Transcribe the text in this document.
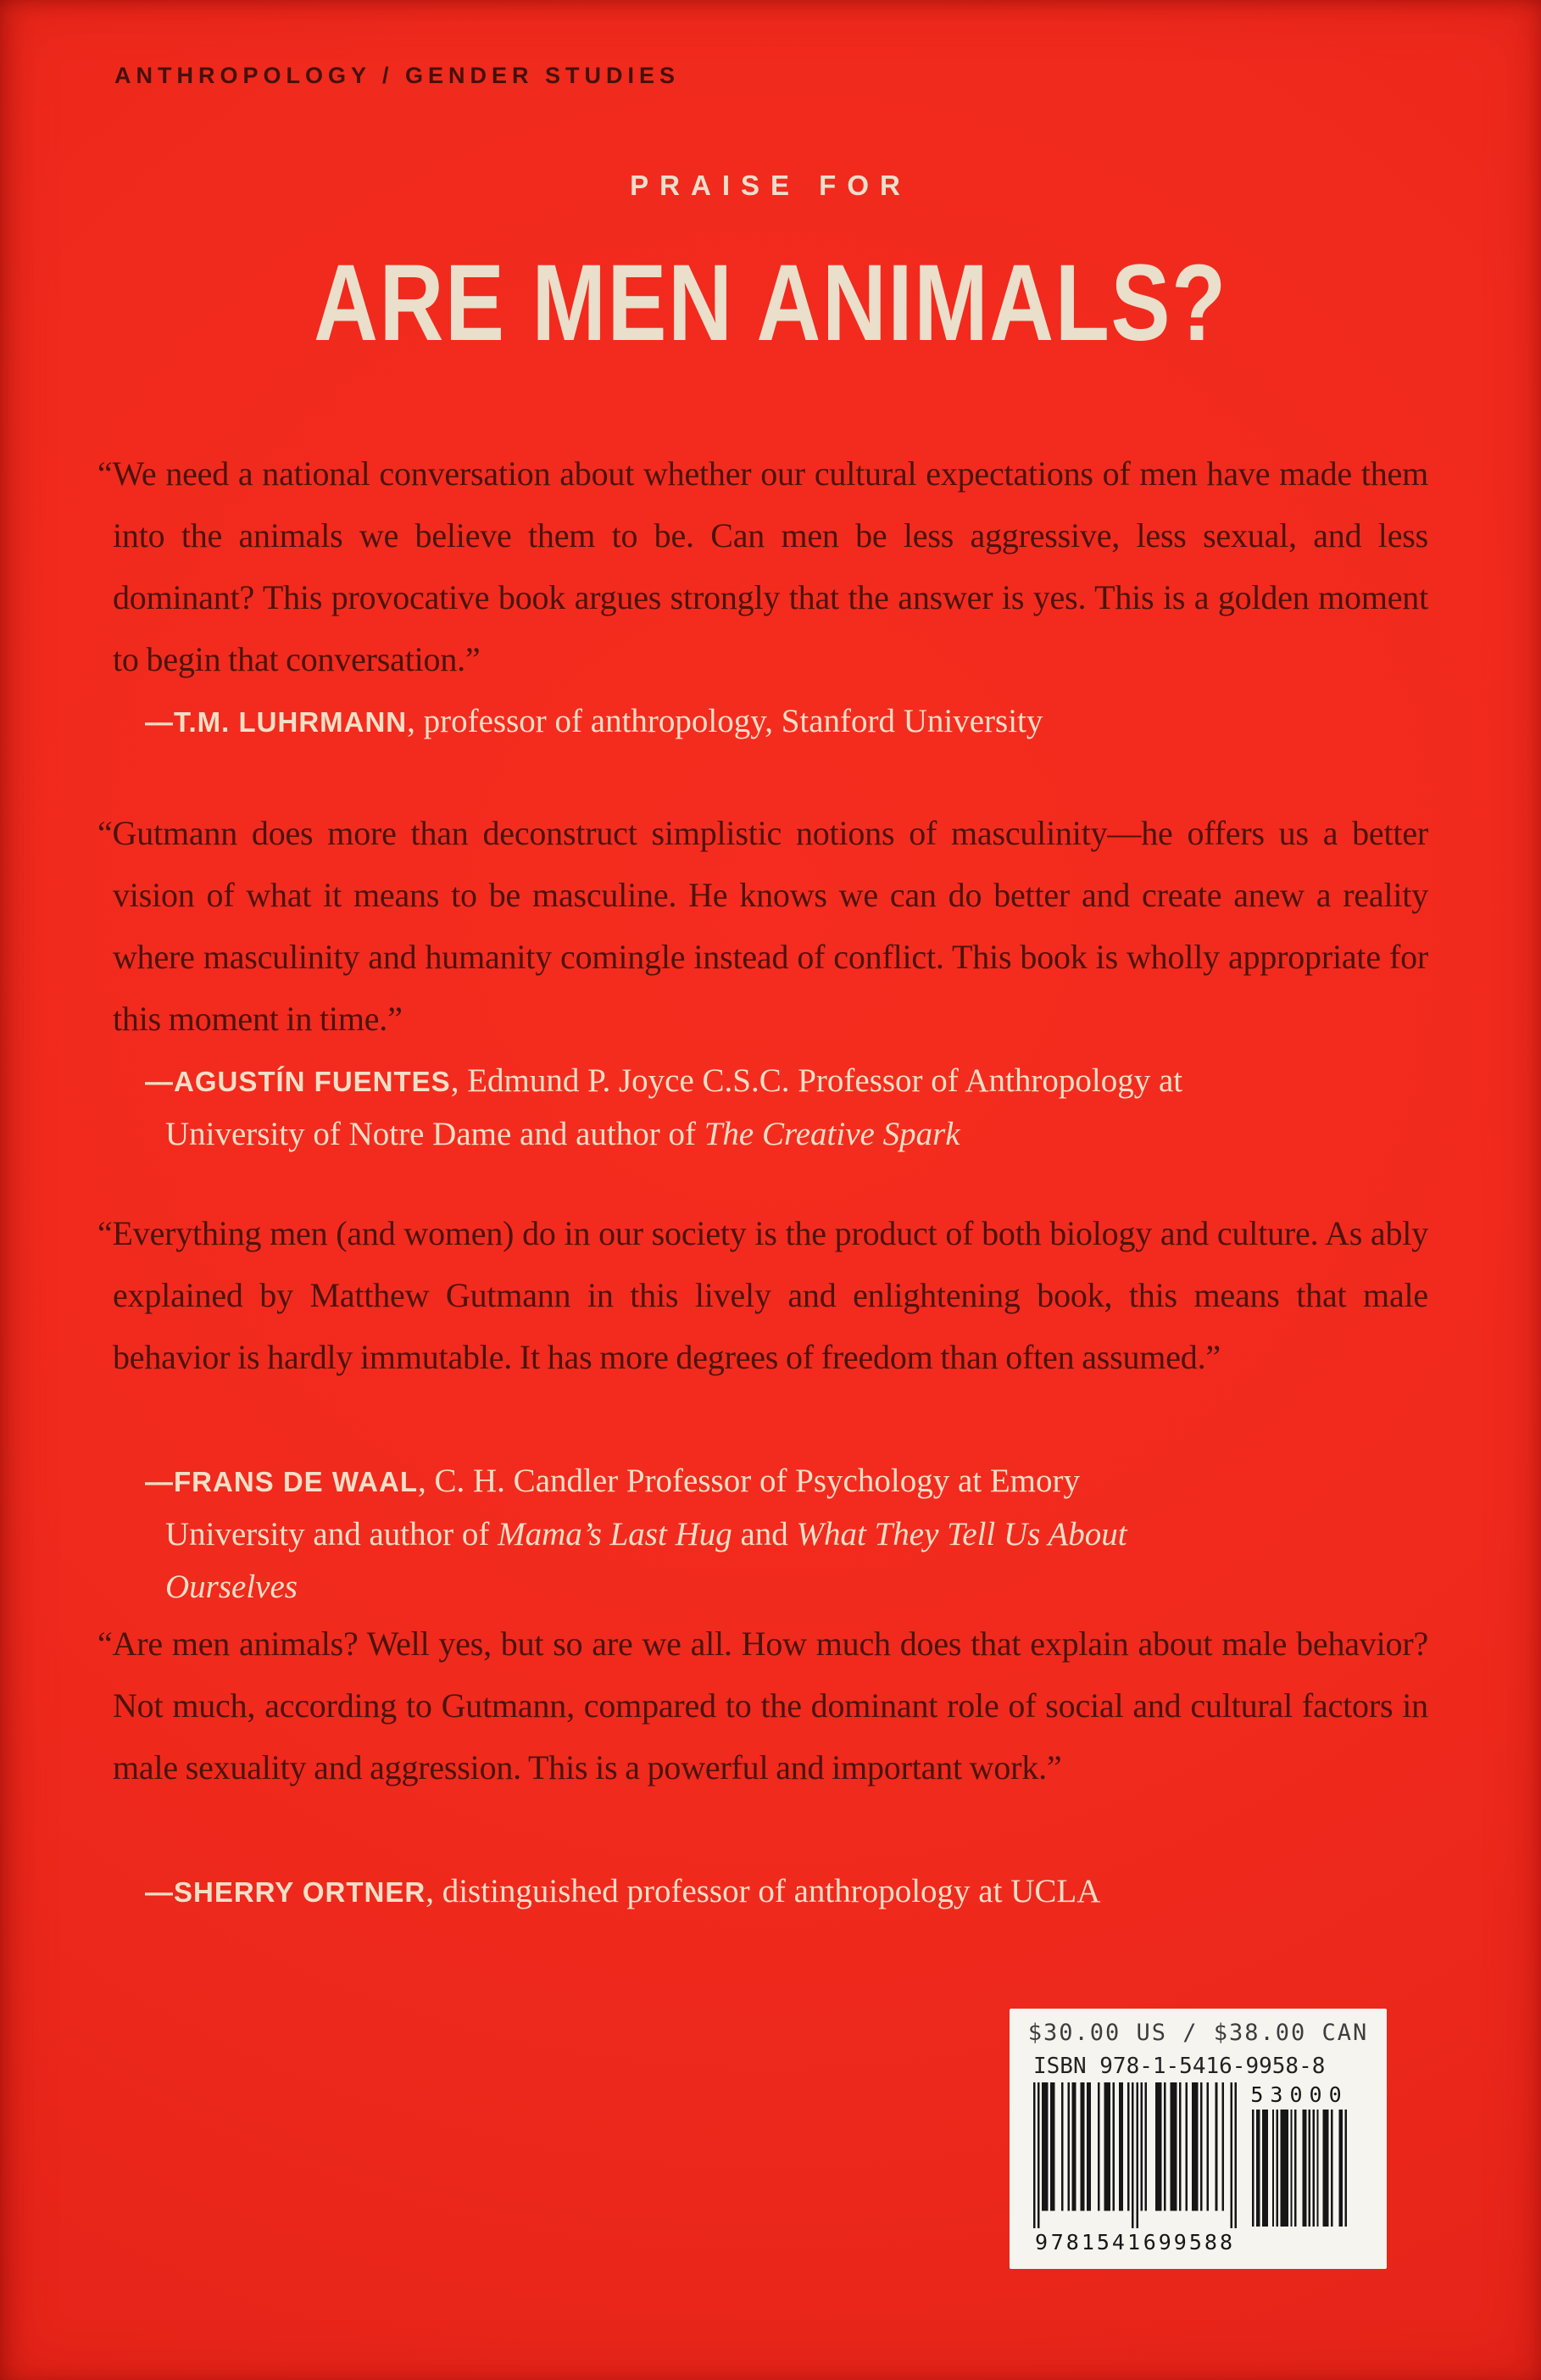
ANTHROPOLOGY / GENDER STUDIES
PRAISE FOR
ARE MEN ANIMALS?

“We need a national conversation about whether our cultural expectations of men have made them into the animals we believe them to be. Can men be less aggressive, less sexual, and less dominant? This provocative book argues strongly that the answer is yes. This is a golden moment to begin that conversation.”

—T.M. LUHRMANN, professor of anthropology, Stanford University

“Gutmann does more than deconstruct simplistic notions of masculinity—he offers us a better vision of what it means to be masculine. He knows we can do better and create anew a reality where masculinity and humanity comingle instead of conflict. This book is wholly appropriate for this moment in time.”

—AGUSTÍN FUENTES, Edmund P. Joyce C.S.C. Professor of Anthropology at University of Notre Dame and author of The Creative Spark

“Everything men (and women) do in our society is the product of both biology and culture. As ably explained by Matthew Gutmann in this lively and enlightening book, this means that male behavior is hardly immutable. It has more degrees of freedom than often assumed.”

—FRANS DE WAAL, C. H. Candler Professor of Psychology at Emory University and author of Mama’s Last Hug and What They Tell Us About Ourselves

“Are men animals? Well yes, but so are we all. How much does that explain about male behavior? Not much, according to Gutmann, compared to the dominant role of social and cultural factors in male sexuality and aggression. This is a powerful and important work.”

—SHERRY ORTNER, distinguished professor of anthropology at UCLA

$30.00 US / $38.00 CAN
ISBN 978-1-5416-9958-8
9 781541 699588
53000
